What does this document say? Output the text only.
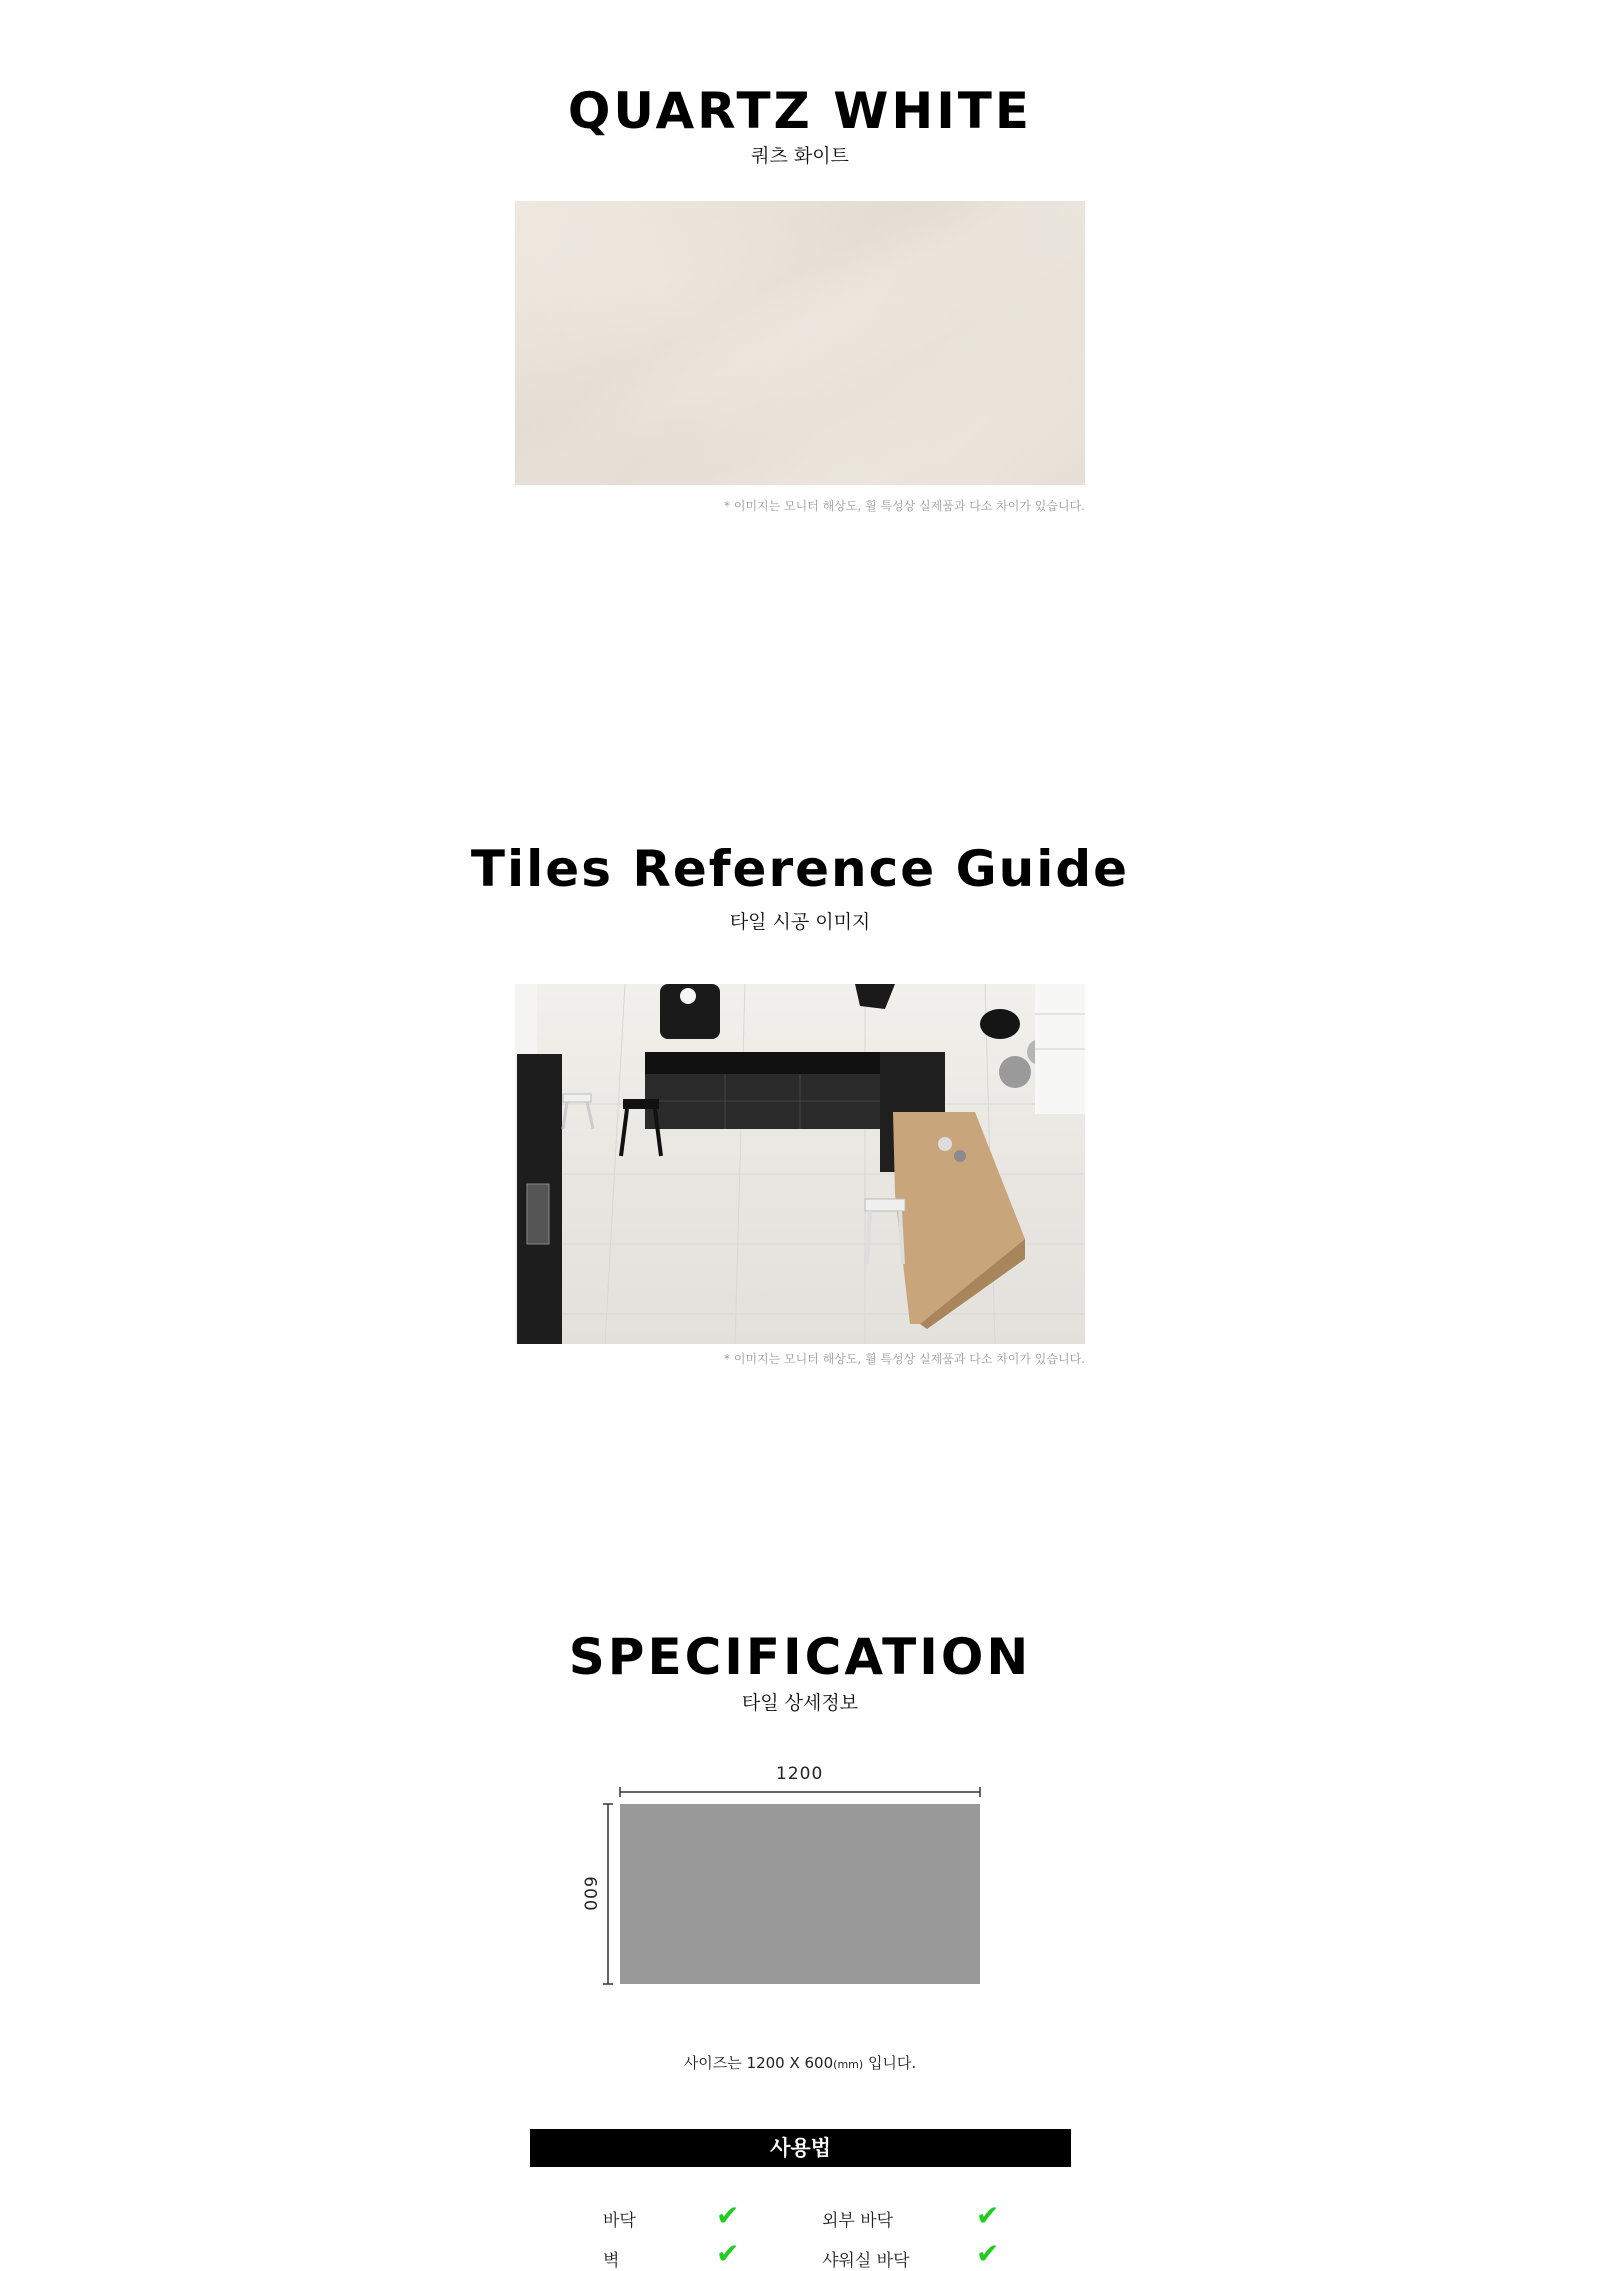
QUARTZ WHITE
쿼츠 화이트
* 이미지는 모니터 해상도, 휠 특성상 실제품과 다소 차이가 있습니다.
Tiles Reference Guide
타일 시공 이미지
* 이미지는 모니터 해상도, 휠 특성상 실제품과 다소 차이가 있습니다.
SPECIFICATION
타일 상세정보
1200
600
사이즈는 1200 X 600(mm) 입니다.
사용법
바닥	✔	외부 바닥	✔
벽	✔	샤워실 바닥 ✔
